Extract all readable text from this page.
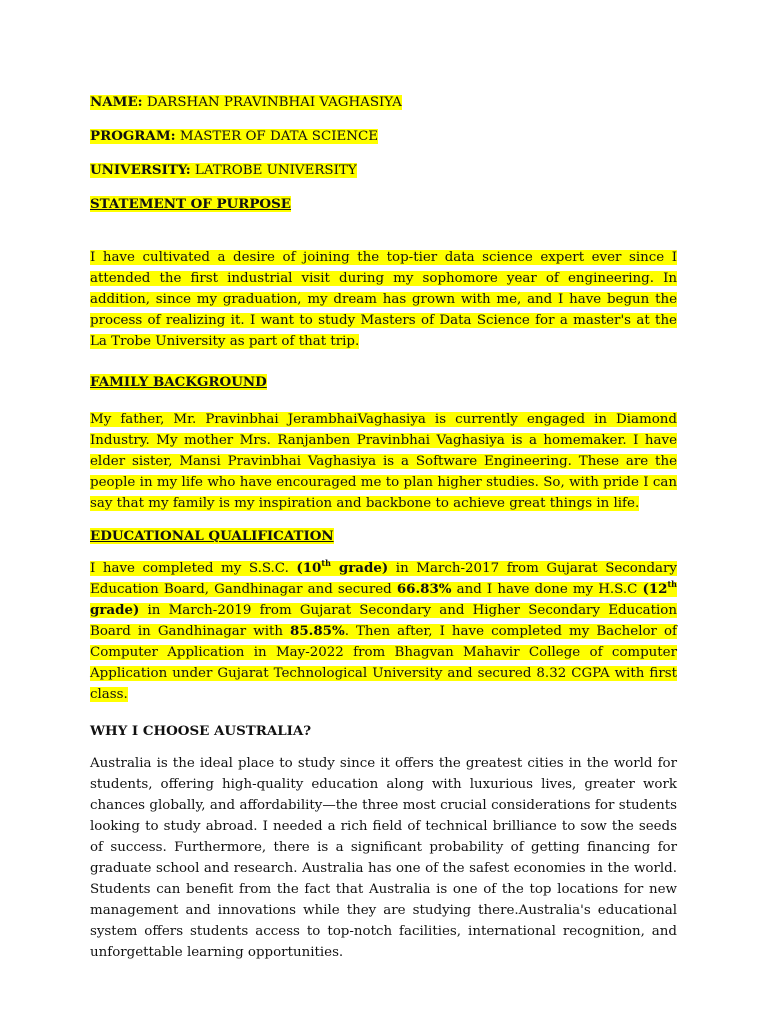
NAME: DARSHAN PRAVINBHAI VAGHASIYA

PROGRAM: MASTER OF DATA SCIENCE

UNIVERSITY: LATROBE UNIVERSITY

STATEMENT OF PURPOSE

I have cultivated a desire of joining the top-tier data science expert ever since I attended the first industrial visit during my sophomore year of engineering. In addition, since my graduation, my dream has grown with me, and I have begun the process of realizing it. I want to study Masters of Data Science for a master's at the La Trobe University as part of that trip.

FAMILY BACKGROUND

My father, Mr. Pravinbhai JerambhaiVaghasiya is currently engaged in Diamond Industry. My mother Mrs. Ranjanben Pravinbhai Vaghasiya is a homemaker. I have elder sister, Mansi Pravinbhai Vaghasiya is a Software Engineering. These are the people in my life who have encouraged me to plan higher studies. So, with pride I can say that my family is my inspiration and backbone to achieve great things in life.

EDUCATIONAL QUALIFICATION

I have completed my S.S.C. (10th grade) in March-2017 from Gujarat Secondary Education Board, Gandhinagar and secured 66.83% and I have done my H.S.C (12th grade) in March-2019 from Gujarat Secondary and Higher Secondary Education Board in Gandhinagar with 85.85%. Then after, I have completed my Bachelor of Computer Application in May-2022 from Bhagvan Mahavir College of computer Application under Gujarat Technological University and secured 8.32 CGPA with first class.

WHY I CHOOSE AUSTRALIA?

Australia is the ideal place to study since it offers the greatest cities in the world for students, offering high-quality education along with luxurious lives, greater work chances globally, and affordability—the three most crucial considerations for students looking to study abroad. I needed a rich field of technical brilliance to sow the seeds of success. Furthermore, there is a significant probability of getting financing for graduate school and research. Australia has one of the safest economies in the world. Students can benefit from the fact that Australia is one of the top locations for new management and innovations while they are studying there.Australia's educational system offers students access to top-notch facilities, international recognition, and unforgettable learning opportunities.
